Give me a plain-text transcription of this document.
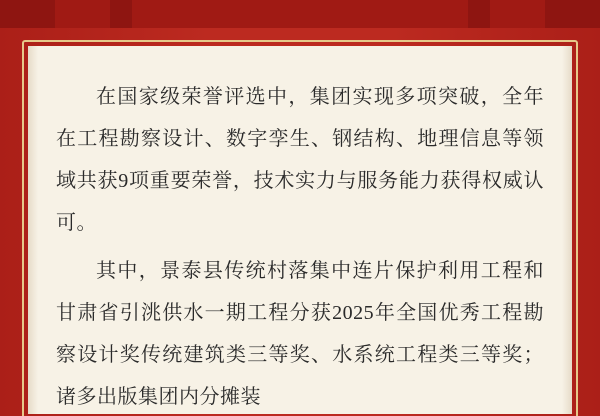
在国家级荣誉评选中，集团实现多项突破，全年在工程勘察设计、数字孪生、钢结构、地理信息等领域共获9项重要荣誉，技术实力与服务能力获得权威认可。

其中，景泰县传统村落集中连片保护利用工程和甘肃省引洮供水一期工程分获2025年全国优秀工程勘察设计奖传统建筑类三等奖、水系统工程类三等奖；诸多出版集团内分摊装
